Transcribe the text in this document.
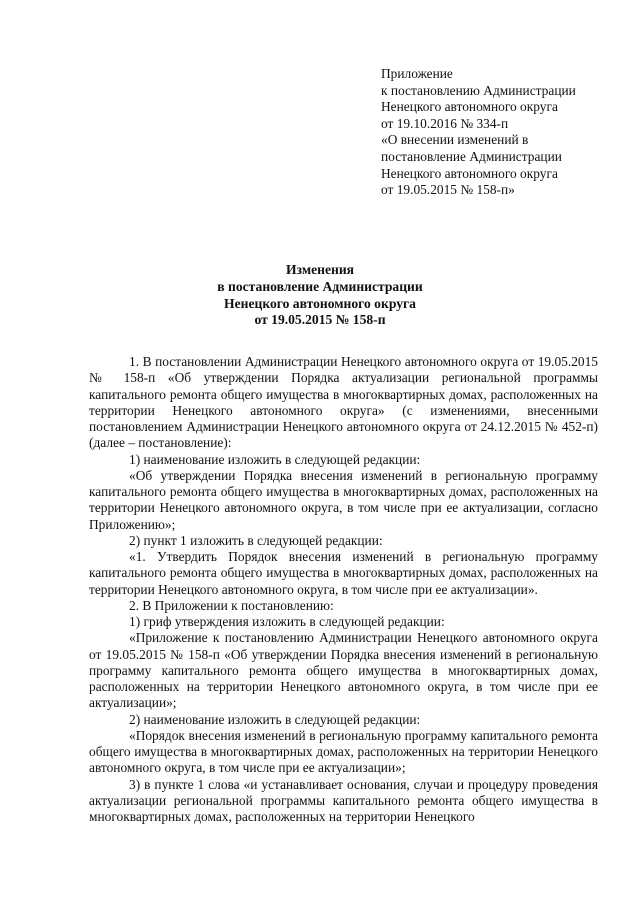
Приложение
к постановлению Администрации
Ненецкого автономного округа
от 19.10.2016 № 334-п
«О внесении изменений в
постановление Администрации
Ненецкого автономного округа
от 19.05.2015 № 158-п»
Изменения
в постановление Администрации
Ненецкого автономного округа
от 19.05.2015 № 158-п

1. В постановлении Администрации Ненецкого автономного округа от 19.05.2015 № 158-п «Об утверждении Порядка актуализации региональной программы капитального ремонта общего имущества в многоквартирных домах, расположенных на территории Ненецкого автономного округа» (с изменениями, внесенными постановлением Администрации Ненецкого автономного округа от 24.12.2015 № 452-п) (далее – постановление):

1) наименование изложить в следующей редакции:

«Об утверждении Порядка внесения изменений в региональную программу капитального ремонта общего имущества в многоквартирных домах, расположенных на территории Ненецкого автономного округа, в том числе при ее актуализации, согласно Приложению»;

2) пункт 1 изложить в следующей редакции:

«1. Утвердить Порядок внесения изменений в региональную программу капитального ремонта общего имущества в многоквартирных домах, расположенных на территории Ненецкого автономного округа, в том числе при ее актуализации».

2. В Приложении к постановлению:

1) гриф утверждения изложить в следующей редакции:

«Приложение к постановлению Администрации Ненецкого автономного округа от 19.05.2015 № 158-п «Об утверждении Порядка внесения изменений в региональную программу капитального ремонта общего имущества в многоквартирных домах, расположенных на территории Ненецкого автономного округа, в том числе при ее актуализации»;

2) наименование изложить в следующей редакции:

«Порядок внесения изменений в региональную программу капитального ремонта общего имущества в многоквартирных домах, расположенных на территории Ненецкого автономного округа, в том числе при ее актуализации»;

3) в пункте 1 слова «и устанавливает основания, случаи и процедуру проведения актуализации региональной программы капитального ремонта общего имущества в многоквартирных домах, расположенных на территории Ненецкого
